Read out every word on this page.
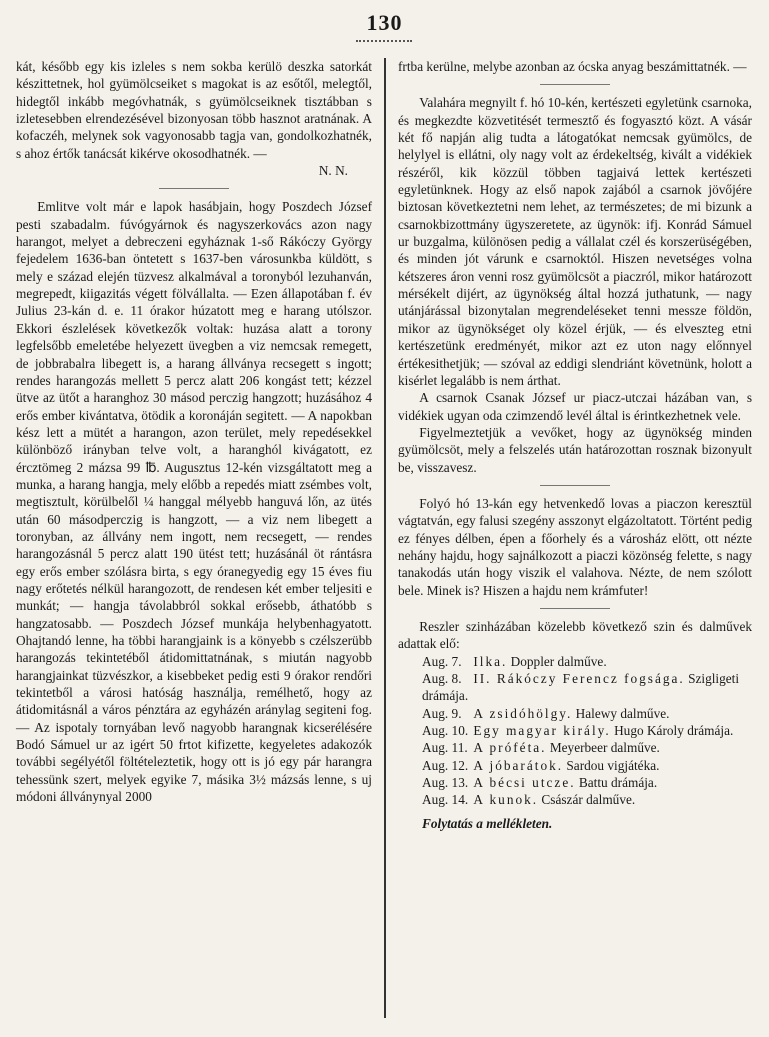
130

kát, később egy kis izleles s nem sokba kerülö deszka satorkát készittetnek, hol gyümölcseiket s magokat is az esőtől, melegtől, hidegtől inkább megóvhatnák, s gyümölcseiknek tisztábban s izletesebben elrendezésével bizonyosan több hasznot aratnának. A kofaczéh, melynek sok vagyonosabb tagja van, gondolkozhatnék, s ahoz értők tanácsát kikérve okosodhatnék. —

N. N.

Emlitve volt már e lapok hasábjain, hogy Poszdech József pesti szabadalm. fúvógyárnok és nagyszerkovács azon nagy harangot, melyet a debreczeni egyháznak 1-ső Rákóczy György fejedelem 1636-ban öntetett s 1637-ben városunkba küldött, s mely e század elején tüzvesz alkalmával a toronyból lezuhanván, megrepedt, kiigazitás végett fölvállalta. — Ezen állapotában f. év Julius 23-kán d. e. 11 órakor húzatott meg e harang utólszor. Ekkori észlelések következők voltak: huzása alatt a torony legfelsőbb emeletébe helyezett üvegben a viz nemcsak remegett, de jobbrabalra libegett is, a harang állványa recsegett s ingott; rendes harangozás mellett 5 percz alatt 206 kongást tett; kézzel ütve az ütőt a haranghoz 30 másod perczig hangzott; huzásához 4 erős ember kivántatva, ötödik a koronáján segitett. — A napokban kész lett a mütét a harangon, azon terület, mely repedésekkel különböző irányban telve volt, a haranghól kivágatott, ez ércztömeg 2 mázsa 99 ℔. Augusztus 12-kén vizsgáltatott meg a munka, a harang hangja, mely előbb a repedés miatt zsémbes volt, megtisztult, körülbelől ¼ hanggal mélyebb hanguvá lőn, az ütés után 60 másodperczig is hangzott, — a viz nem libegett a toronyban, az állvány nem ingott, nem recsegett, — rendes harangozásnál 5 percz alatt 190 ütést tett; huzásánál öt rántásra egy erős ember szólásra birta, s egy óranegyedig egy 15 éves fiu nagy erőtetés nélkül harangozott, de rendesen két ember teljesiti e munkát; — hangja távolabbról sokkal erősebb, áthatóbb s hangzatosabb. — Poszdech József munkája helybenhagyatott. Ohajtandó lenne, ha többi harangjaink is a könyebb s czélszerübb harangozás tekintetéből átidomittatnának, s miután nagyobb harangjainkat tüzvészkor, a kisebbeket pedig esti 9 órakor rendőri tekintetből a városi hatóság használja, remélhető, hogy az átidomitásnál a város pénztára az egyházén aránylag segiteni fog. — Az ispotaly tornyában levő nagyobb harangnak kicserélésére Bodó Sámuel ur az igért 50 frtot kifizette, kegyeletes adakozók további segélyétől föltételeztetik, hogy ott is jó egy pár harangra tehessünk szert, melyek egyike 7, másika 3½ mázsás lenne, s uj módoni állványnyal 2000

frtba kerülne, melybe azonban az ócska anyag beszámittatnék. —

Valahára megnyilt f. hó 10-kén, kertészeti egyletünk csarnoka, és megkezdte közvetitését termesztő és fogyasztó közt. A vásár két fő napján alig tudta a látogatókat nemcsak gyümölcs, de helylyel is ellátni, oly nagy volt az érdekeltség, kivált a vidékiek részéről, kik közzül többen tagjaivá lettek kertészeti egyletünknek. Hogy az első napok zajából a csarnok jövőjére biztosan következtetni nem lehet, az természetes; de mi bizunk a csarnokbizottmány ügyszeretete, az ügynök: ifj. Konrád Sámuel ur buzgalma, különösen pedig a vállalat czél és korszerüségében, és minden jót várunk e csarnoktól. Hiszen nevetséges volna kétszeres áron venni rosz gyümölcsöt a piaczról, mikor határozott mérsékelt dijért, az ügynökség által hozzá juthatunk, — nagy utánjárással bizonytalan megrendeléseket tenni messze földön, mikor az ügynökséget oly közel érjük, — és elveszteg etni kertészetünk eredményét, mikor azt ez uton nagy előnnyel értékesithetjük; — szóval az eddigi slendriánt követnünk, holott a kisérlet legalább is nem árthat.

A csarnok Csanak József ur piacz-utczai házában van, s vidékiek ugyan oda czimzendő levél által is érintkezhetnek vele.

Figyelmeztetjük a vevőket, hogy az ügynökség minden gyümölcsöt, mely a felszelés után határozottan rosznak bizonyult be, visszavesz.

Folyó hó 13-kán egy hetvenkedő lovas a piaczon keresztül vágtatván, egy falusi szegény asszonyt elgázoltatott. Történt pedig ez fényes délben, épen a főorhely és a városház elött, ott nézte nehány hajdu, hogy sajnálkozott a piaczi közönség felette, s nagy tanakodás után hogy viszik el valahova. Nézte, de nem szólott bele. Minek is? Hiszen a hajdu nem krámfuter!

Reszler szinházában közelebb következő szin és dalművek adattak elő:

Aug. 7. Ilka. Doppler dalműve.

Aug. 8. II. Rákóczy Ferencz fogsága. Szigligeti drámája.

Aug. 9. A zsidóhölgy. Halewy dalműve.

Aug. 10. Egy magyar király. Hugo Károly drámája.

Aug. 11. A próféta. Meyerbeer dalműve.

Aug. 12. A jóbarátok. Sardou vigjátéka.

Aug. 13. A bécsi utcze. Battu drámája.

Aug. 14. A kunok. Császár dalműve.

Folytatás a mellékleten.
